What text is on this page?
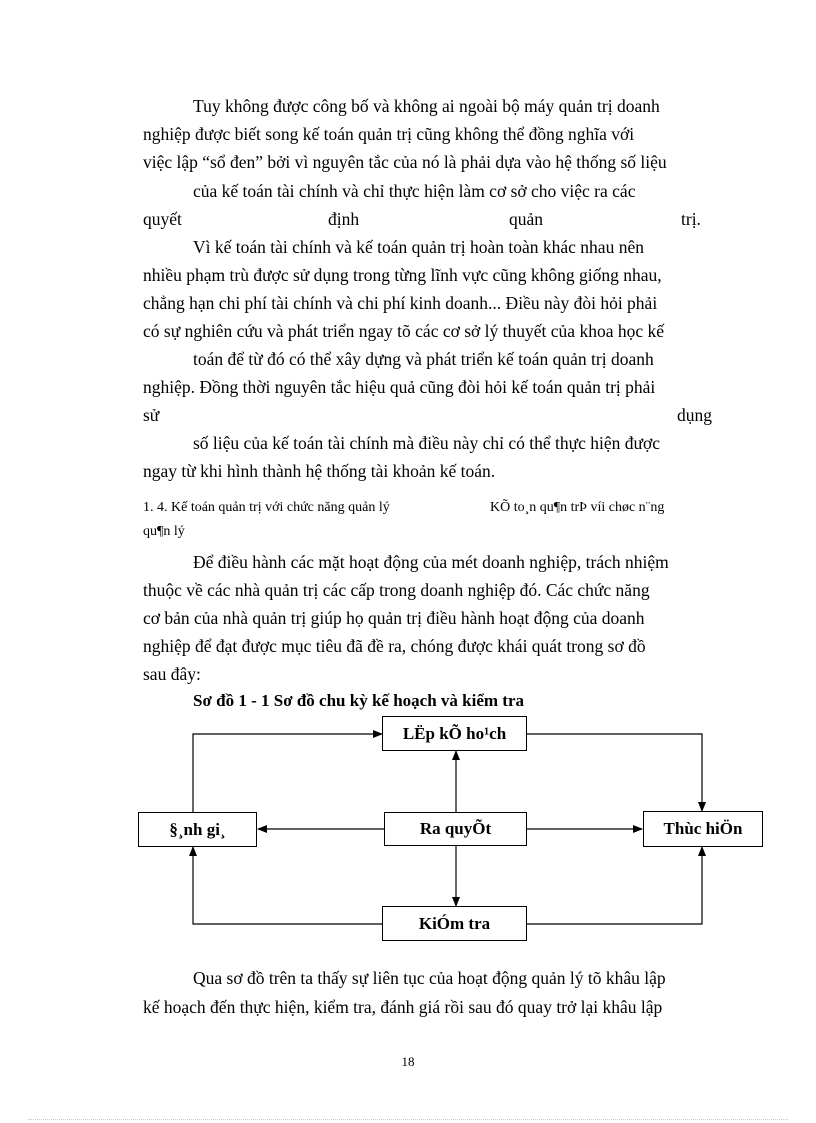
Tuy không được công bố và không ai ngoài bộ máy quản trị doanh
nghiệp được biết song kế toán quản trị cũng không thể đồng nghĩa với
việc lập “sổ đen” bởi vì nguyên tắc của nó là phải dựa vào hệ thống số liệu
của kế toán tài chính và chỉ thực hiện làm cơ sở cho việc ra các
quyết	định	quản	trị.
Vì kế toán tài chính và kế toán quản trị hoàn toàn khác nhau nên
nhiều phạm trù được sử dụng trong từng lĩnh vực cũng không giống nhau,
chẳng hạn chi phí tài chính và chi phí kinh doanh... Điều này đòi hỏi phải
có sự nghiên cứu và phát triển ngay tõ các cơ sở lý thuyết của khoa học kế
toán để từ đó có thể xây dựng và phát triển kế toán quản trị doanh
nghiệp. Đồng thời nguyên tắc hiệu quả cũng đòi hỏi kế toán quản trị phải
sử	dụng
số liệu của kế toán tài chính mà điều này chỉ có thể thực hiện được
ngay từ khi hình thành hệ thống tài khoản kế toán.
1. 4. Kế toán quản trị với chức năng quản lý	KÕ to¸n qu¶n trÞ víi chøc n¨ng
qu¶n lý
Để điều hành các mặt hoạt động của mét doanh nghiệp, trách nhiệm
thuộc về các nhà quản trị các cấp trong doanh nghiệp đó. Các chức năng
cơ bản của nhà quản trị giúp họ quản trị điều hành hoạt động của doanh
nghiệp để đạt được mục tiêu đã đề ra, chóng được khái quát trong sơ đồ
sau đây:
Sơ đồ 1 - 1 Sơ đồ chu kỳ kế hoạch và kiểm tra
LËp kÕ ho¹ch
Ra quyÕt
§¸nh gi¸	Thùc hiÖn
KiÓm tra
Qua sơ đồ trên ta thấy sự liên tục của hoạt động quản lý tõ khâu lập
kế hoạch đến thực hiện, kiểm tra, đánh giá rồi sau đó quay trở lại khâu lập
18
